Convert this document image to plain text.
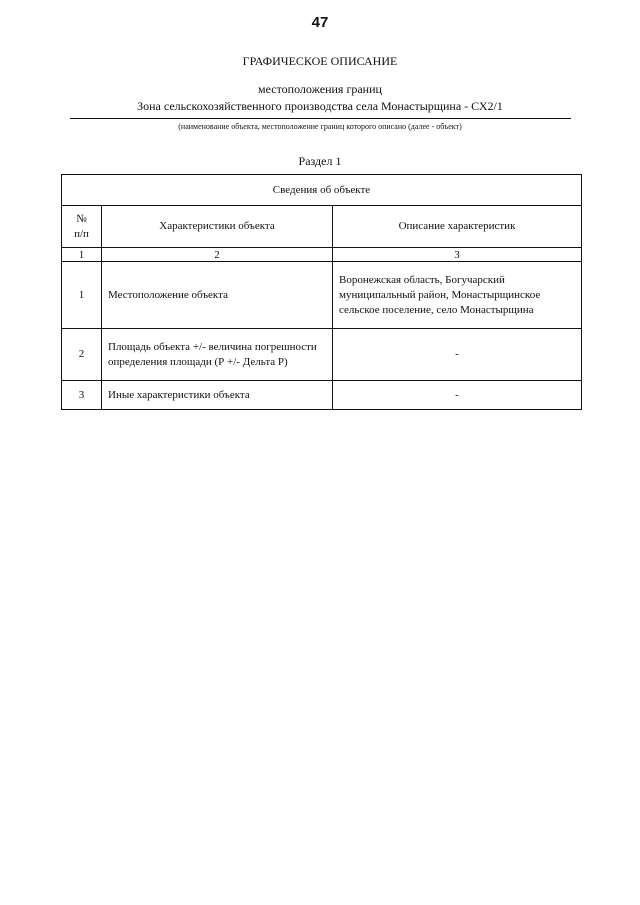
47
ГРАФИЧЕСКОЕ ОПИСАНИЕ
местоположения границ
Зона сельскохозяйственного производства села Монастырщина - СХ2/1
(наименование объекта, местоположение границ которого описано (далее - объект)
Раздел 1
Сведения об объекте		
№
п/п	Характеристики объекта	Описание характеристик
1	2	3
1	Местоположение объекта	Воронежская область, Богучарский муниципальный район, Монастырщинское сельское поселение, село Монастырщина
2	Площадь объекта +/- величина погрешности определения площади (Р +/- Дельта Р)	-
3	Иные характеристики объекта	-
